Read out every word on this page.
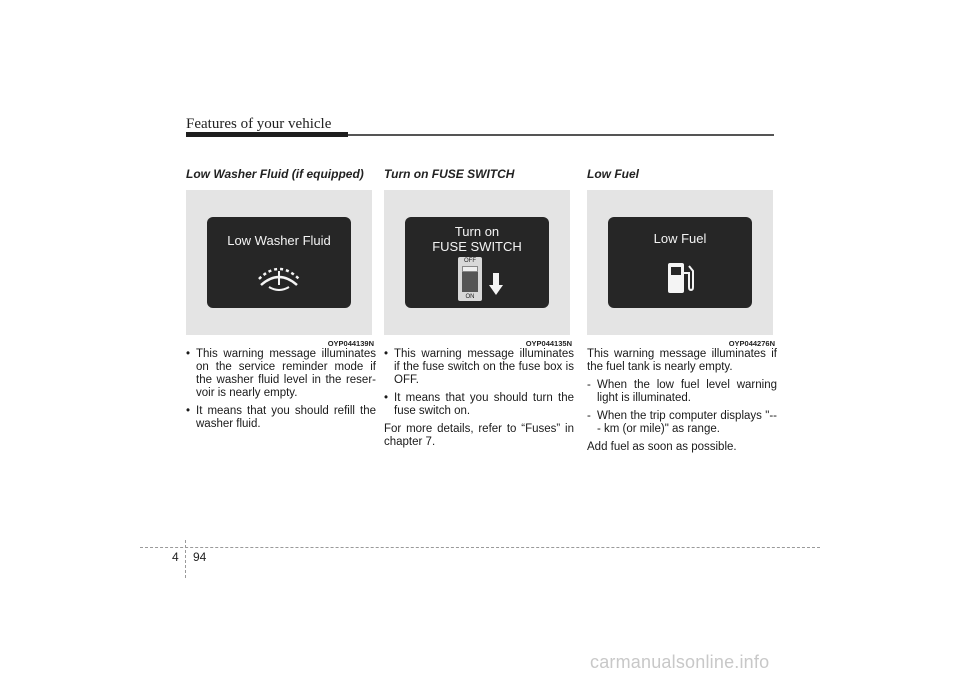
Features of your vehicle
Low Washer Fluid (if equipped)
Low Washer Fluid
OYP044139N

• This warning message illuminates on the service reminder mode if the washer fluid level in the reser-voir is nearly empty.

• It means that you should refill the washer fluid.

Turn on FUSE SWITCH
Turn on
FUSE SWITCH
OFF
ON
OYP044135N

• This warning message illuminates if the fuse switch on the fuse box is OFF.

• It means that you should turn the fuse switch on.

For more details, refer to “Fuses” in chapter 7.

Low Fuel
Low Fuel
OYP044276N

This warning message illuminates if the fuel tank is nearly empty.

- When the low fuel level warning light is illuminated.

- When the trip computer displays "--- km (or mile)" as range.

Add fuel as soon as possible.

4 94
carmanualsonline.info
